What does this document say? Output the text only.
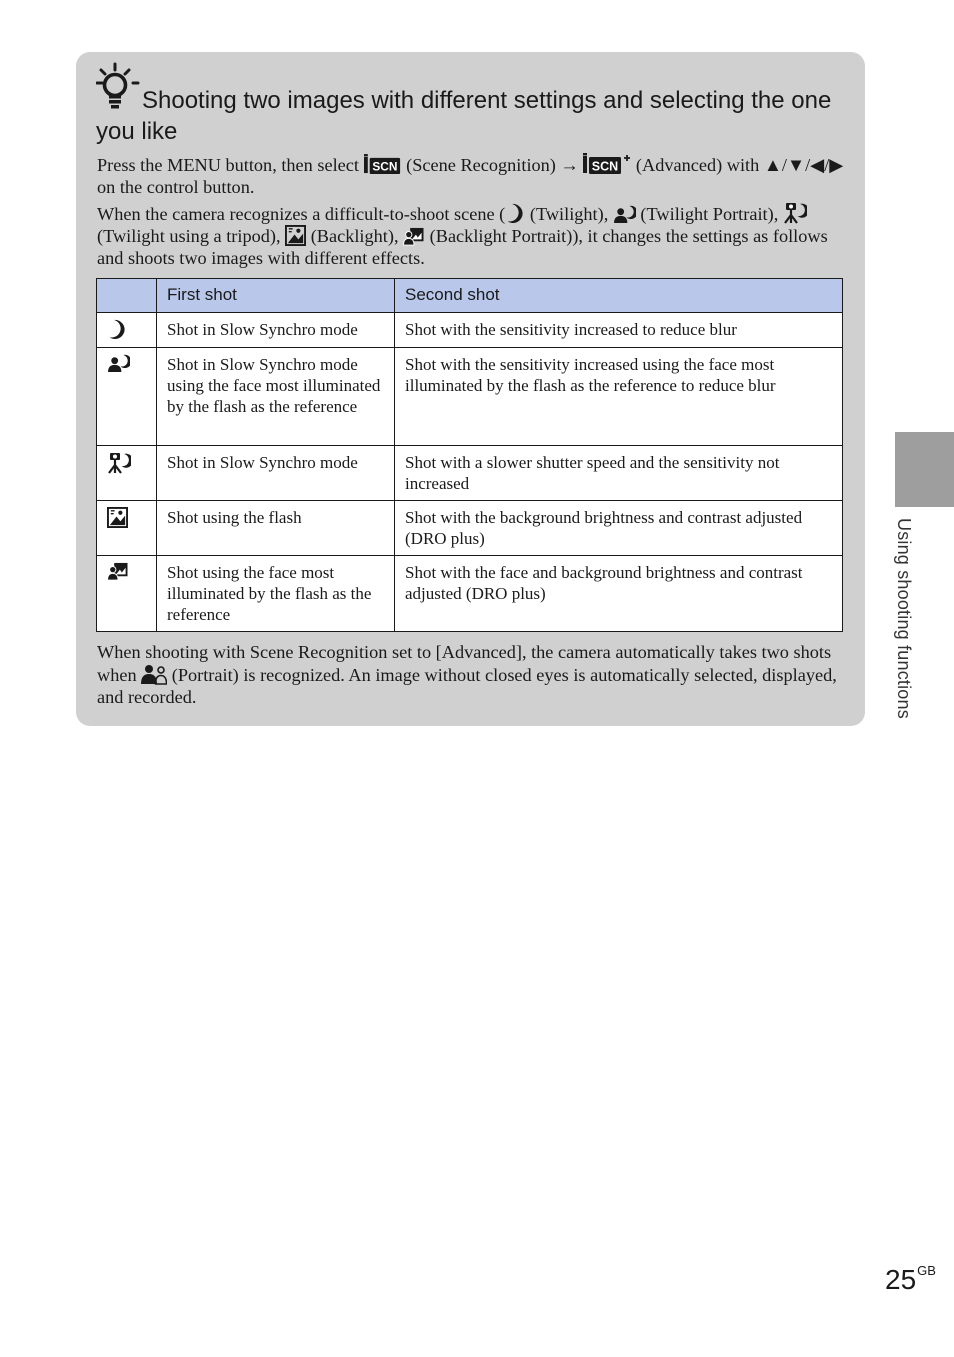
Shooting two images with different settings and selecting the one you like

Press the MENU button, then select  (Scene Recognition) →	(Advanced) with ▲/▼/◀/▶ on the control button.

When the camera recognizes a difficult-to-shoot scene ( (Twilight),  (Twilight Portrait),  (Twilight using a tripod),  (Backlight),  (Backlight Portrait)), it changes the settings as follows and shoots two images with different effects.

	First shot	Second shot
	Shot in Slow Synchro mode	Shot with the sensitivity increased to reduce blur
	Shot in Slow Synchro mode using the face most illuminated by the flash as the reference	Shot with the sensitivity increased using the face most illuminated by the flash as the reference to reduce blur
	Shot in Slow Synchro mode	Shot with a slower shutter speed and the sensitivity not increased
	Shot using the flash	Shot with the background brightness and contrast adjusted (DRO plus)
	Shot using the face most illuminated by the flash as the reference	Shot with the face and background brightness and contrast adjusted (DRO plus)

When shooting with Scene Recognition set to [Advanced], the camera automatically takes two shots when  (Portrait) is recognized. An image without closed eyes is automatically selected, displayed, and recorded.	Using shooting functions
$25^{GB}$
